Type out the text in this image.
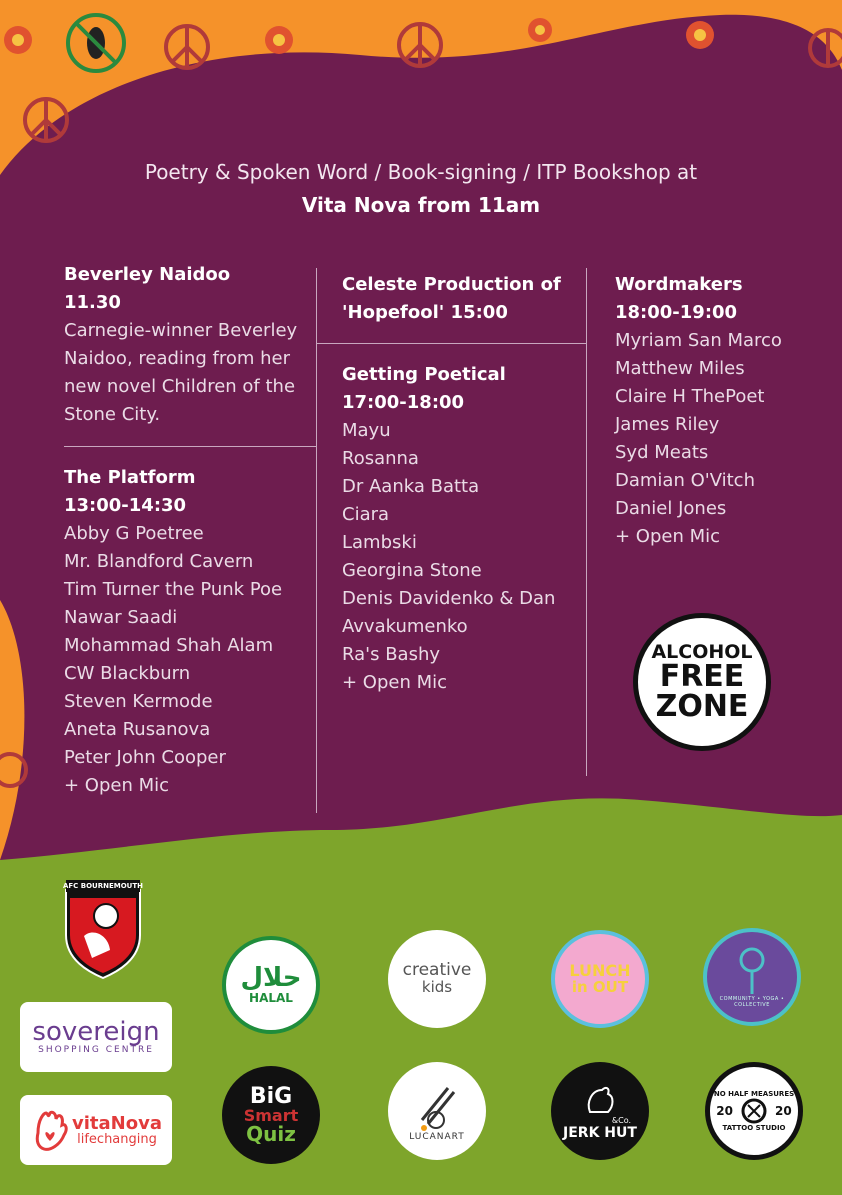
Poetry & Spoken Word / Book-signing / ITP Bookshop at
Vita Nova from 11am
Beverley Naidoo
11.30
Carnegie-winner Beverley
Naidoo, reading from her
new novel Children of the
Stone City.
The Platform
13:00-14:30
Abby G Poetree
Mr. Blandford Cavern
Tim Turner the Punk Poe
Nawar Saadi
Mohammad Shah Alam
CW Blackburn
Steven Kermode
Aneta Rusanova
Peter John Cooper
+ Open Mic
Celeste Production of
'Hopefool' 15:00
Getting Poetical
17:00-18:00
Mayu
Rosanna
Dr Aanka Batta
Ciara
Lambski
Georgina Stone
Denis Davidenko & Dan
Avvakumenko
Ra's Bashy
+ Open Mic
Wordmakers
18:00-19:00
Myriam San Marco
Matthew Miles
Claire H ThePoet
James Riley
Syd Meats
Damian O'Vitch
Daniel Jones
+ Open Mic
ALCOHOL
FREE
ZONE
AFC BOURNEMOUTH
حلال
HALAL
creative
kids
LUNCH
in OUT
COMMUNITY • YOGA • COLLECTIVE
sovereign
SHOPPING CENTRE
vitaNova
lifechanging
BiG
Smart
Quiz	LUCANART
&Co.
JERK HUT
NO HALF MEASURES
20	20
TATTOO STUDIO
